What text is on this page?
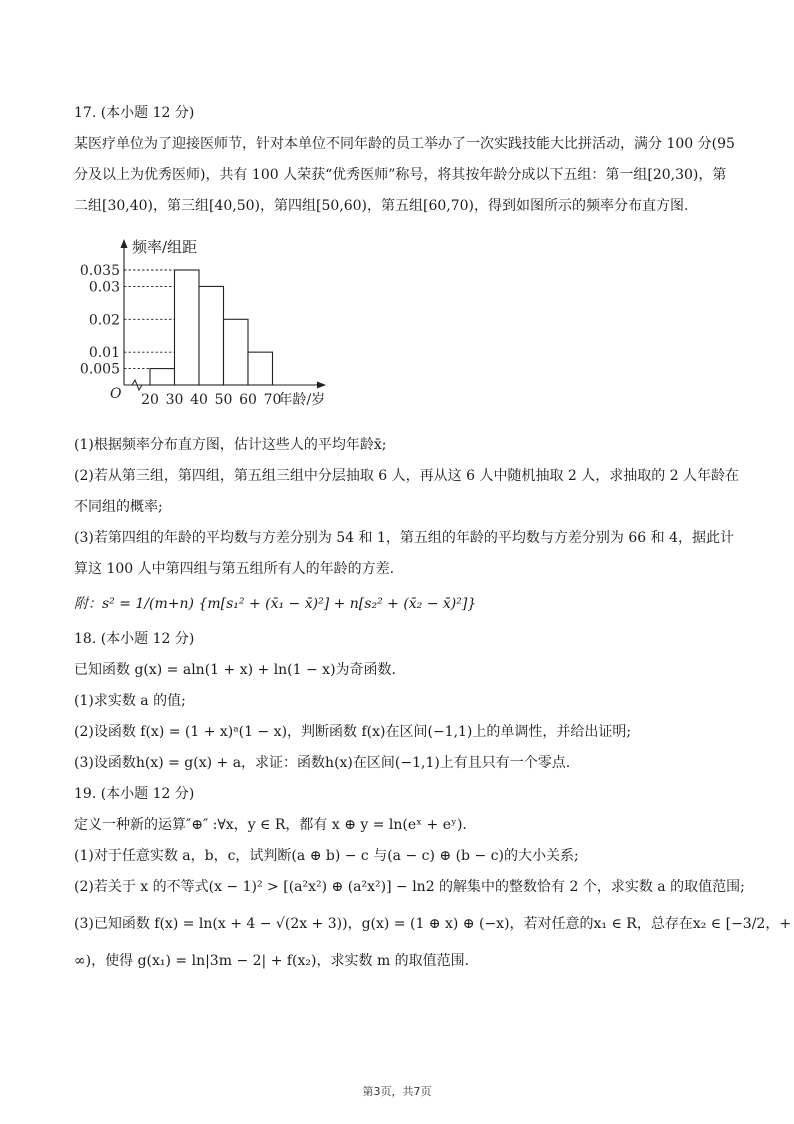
17. (本小题 12 分)
某医疗单位为了迎接医师节，针对本单位不同年龄的员工举办了一次实践技能大比拼活动，满分 100 分(95
分及以上为优秀医师)，共有 100 人荣获“优秀医师”称号，将其按年龄分成以下五组：第一组[20,30)，第
二组[30,40)，第三组[40,50)，第四组[50,60)，第五组[60,70)，得到如图所示的频率分布直方图.
0.005
0.01
0.02
0.03
0.035
20 30 40 50 60 70
O
频率/组距
年龄/岁
(1)根据频率分布直方图，估计这些人的平均年龄x̄;
(2)若从第三组，第四组，第五组三组中分层抽取 6 人，再从这 6 人中随机抽取 2 人，求抽取的 2 人年龄在
不同组的概率;
(3)若第四组的年龄的平均数与方差分别为 54 和 1，第五组的年龄的平均数与方差分别为 66 和 4，据此计
算这 100 人中第四组与第五组所有人的年龄的方差.
附：s² = 1/(m+n) {m[s₁² + (x̄₁ − x̄)²] + n[s₂² + (x̄₂ − x̄)²]}
18. (本小题 12 分)
已知函数 g(x) = aln(1 + x) + ln(1 − x)为奇函数.
(1)求实数 a 的值;
(2)设函数 f(x) = (1 + x)ᵃ(1 − x)，判断函数 f(x)在区间(−1,1)上的单调性，并给出证明;
(3)设函数h(x) = g(x) + a，求证：函数h(x)在区间(−1,1)上有且只有一个零点.
19. (本小题 12 分)
定义一种新的运算″⊕″ :∀x，y ∈ R，都有 x ⊕ y = ln(eˣ + eʸ).
(1)对于任意实数 a，b，c，试判断(a ⊕ b) − c 与(a − c) ⊕ (b − c)的大小关系;
(2)若关于 x 的不等式(x − 1)² > [(a²x²) ⊕ (a²x²)] − ln2 的解集中的整数恰有 2 个，求实数 a 的取值范围;
(3)已知函数 f(x) = ln(x + 4 − √(2x + 3))，g(x) = (1 ⊕ x) ⊕ (−x)，若对任意的x₁ ∈ R，总存在x₂ ∈ [−3/2，+
∞)，使得 g(x₁) = ln|3m − 2| + f(x₂)，求实数 m 的取值范围.
第3页，共7页
